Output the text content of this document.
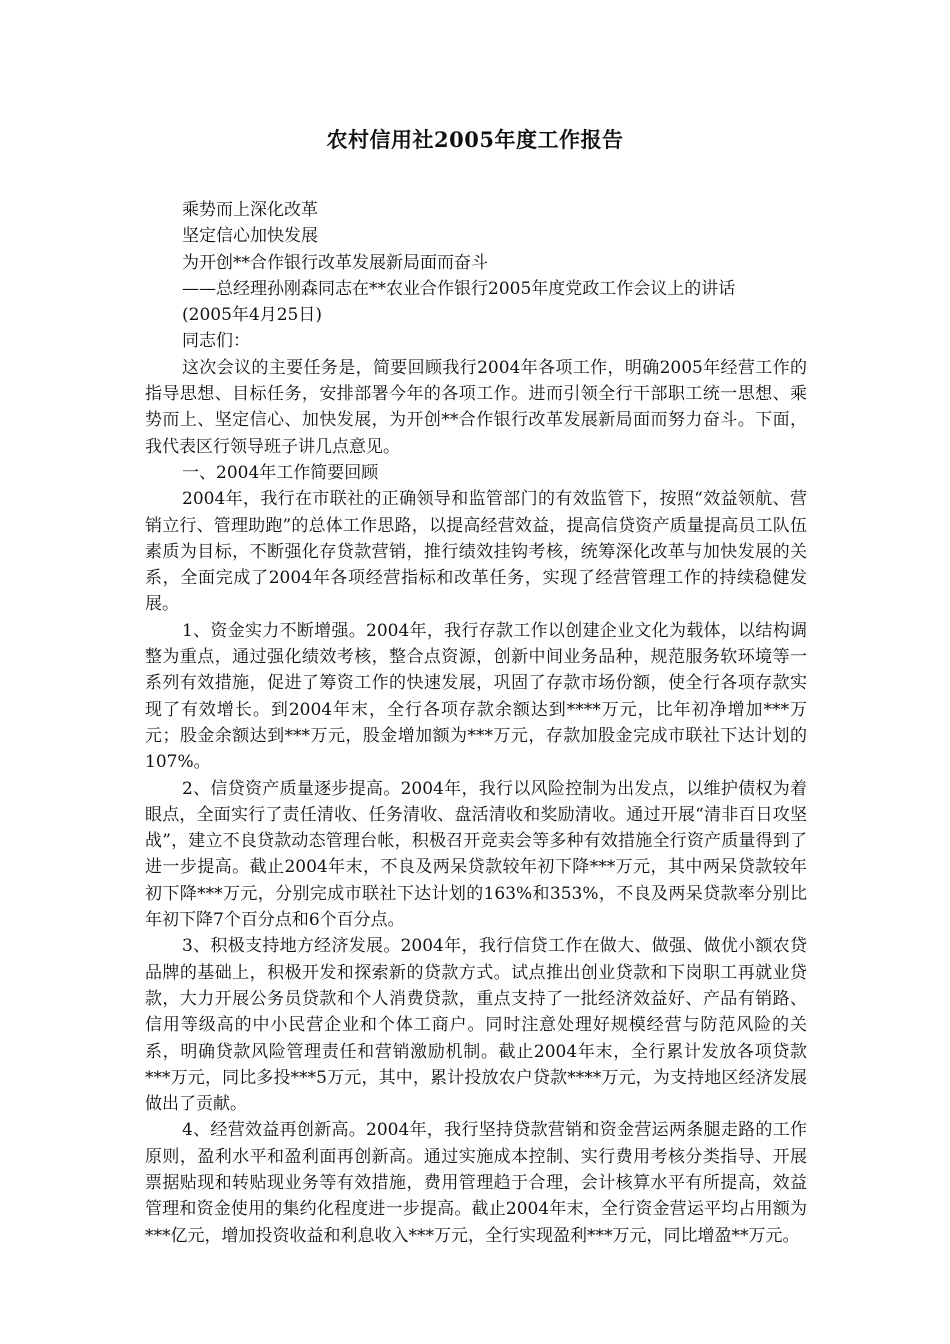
农村信用社2005年度工作报告

乘势而上深化改革

坚定信心加快发展

为开创**合作银行改革发展新局面而奋斗

——总经理孙刚森同志在**农业合作银行2005年度党政工作会议上的讲话

(2005年4月25日)

同志们：

这次会议的主要任务是，简要回顾我行2004年各项工作，明确2005年经营工作的指导思想、目标任务，安排部署今年的各项工作。进而引领全行干部职工统一思想、乘势而上、坚定信心、加快发展，为开创**合作银行改革发展新局面而努力奋斗。下面，我代表区行领导班子讲几点意见。

一、2004年工作简要回顾

2004年，我行在市联社的正确领导和监管部门的有效监管下，按照“效益领航、营销立行、管理助跑”的总体工作思路，以提高经营效益，提高信贷资产质量提高员工队伍素质为目标，不断强化存贷款营销，推行绩效挂钩考核，统筹深化改革与加快发展的关系，全面完成了2004年各项经营指标和改革任务，实现了经营管理工作的持续稳健发展。

1、资金实力不断增强。2004年，我行存款工作以创建企业文化为载体，以结构调整为重点，通过强化绩效考核，整合点资源，创新中间业务品种，规范服务软环境等一系列有效措施，促进了筹资工作的快速发展，巩固了存款市场份额，使全行各项存款实现了有效增长。到2004年末，全行各项存款余额达到****万元，比年初净增加***万元；股金余额达到***万元，股金增加额为***万元，存款加股金完成市联社下达计划的107%。

2、信贷资产质量逐步提高。2004年，我行以风险控制为出发点，以维护债权为着眼点，全面实行了责任清收、任务清收、盘活清收和奖励清收。通过开展“清非百日攻坚战”，建立不良贷款动态管理台帐，积极召开竞卖会等多种有效措施全行资产质量得到了进一步提高。截止2004年末，不良及两呆贷款较年初下降***万元，其中两呆贷款较年初下降***万元，分别完成市联社下达计划的163%和353%，不良及两呆贷款率分别比年初下降7个百分点和6个百分点。

3、积极支持地方经济发展。2004年，我行信贷工作在做大、做强、做优小额农贷品牌的基础上，积极开发和探索新的贷款方式。试点推出创业贷款和下岗职工再就业贷款，大力开展公务员贷款和个人消费贷款，重点支持了一批经济效益好、产品有销路、信用等级高的中小民营企业和个体工商户。同时注意处理好规模经营与防范风险的关系，明确贷款风险管理责任和营销激励机制。截止2004年末，全行累计发放各项贷款***万元，同比多投***5万元，其中，累计投放农户贷款****万元，为支持地区经济发展做出了贡献。

4、经营效益再创新高。2004年，我行坚持贷款营销和资金营运两条腿走路的工作原则，盈利水平和盈利面再创新高。通过实施成本控制、实行费用考核分类指导、开展票据贴现和转贴现业务等有效措施，费用管理趋于合理，会计核算水平有所提高，效益管理和资金使用的集约化程度进一步提高。截止2004年末，全行资金营运平均占用额为***亿元，增加投资收益和利息收入***万元，全行实现盈利***万元，同比增盈**万元。
